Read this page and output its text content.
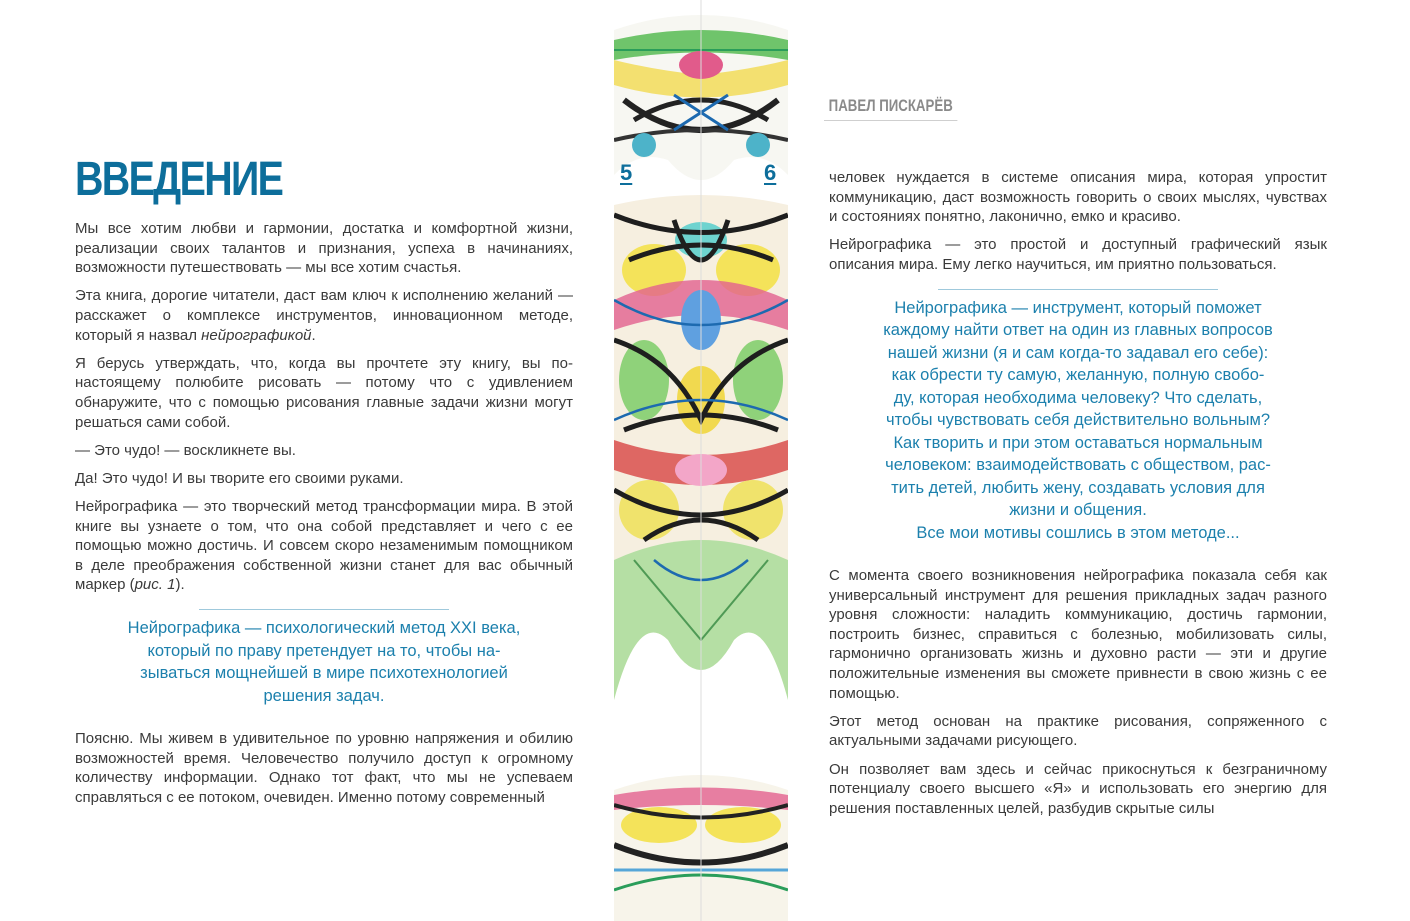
ВВЕДЕНИЕ

Мы все хотим любви и гармонии, достатка и комфортной жизни, реализации своих талантов и признания, успеха в начинаниях, возможности путешествовать — мы все хотим счастья.

Эта книга, дорогие читатели, даст вам ключ к исполнению желаний — расскажет о комплексе инструментов, инновационном методе, который я назвал нейрографикой.

Я берусь утверждать, что, когда вы прочтете эту книгу, вы по-настоящему полюбите рисовать — потому что с удивлением обнаружите, что с помощью рисования главные задачи жизни могут решаться сами собой.

— Это чудо! — воскликнете вы.

Да! Это чудо! И вы творите его своими руками.

Нейрографика — это творческий метод трансформации мира. В этой книге вы узнаете о том, что она собой представляет и чего с ее помощью можно достичь. И совсем скоро незаменимым помощником в деле преображения собственной жизни станет для вас обычный маркер (рис. 1).

Нейрографика — психологический метод XXI века,
который по праву претендует на то, чтобы на-
зываться мощнейшей в мире психотехнологией
решения задач.

Поясню. Мы живем в удивительное по уровню напряжения и обилию возможностей время. Человечество получило доступ к огромному количеству информации. Однако тот факт, что мы не успеваем справляться с ее потоком, очевиден. Именно потому современный

5	6
ПАВЕЛ ПИСКАРЁВ

человек нуждается в системе описания мира, которая упростит коммуникацию, даст возможность говорить о своих мыслях, чувствах и состояниях понятно, лаконично, емко и красиво.

Нейрографика — это простой и доступный графический язык описания мира. Ему легко научиться, им приятно пользоваться.

Нейрографика — инструмент, который поможет
каждому найти ответ на один из главных вопросов
нашей жизни (я и сам когда-то задавал его себе):
как обрести ту самую, желанную, полную свобо-
ду, которая необходима человеку? Что сделать,
чтобы чувствовать себя действительно вольным?
Как творить и при этом оставаться нормальным
человеком: взаимодействовать с обществом, рас-
тить детей, любить жену, создавать условия для
жизни и общения.
Все мои мотивы сошлись в этом методе...

С момента своего возникновения нейрографика показала себя как универсальный инструмент для решения прикладных задач разного уровня сложности: наладить коммуникацию, достичь гармонии, построить бизнес, справиться с болезнью, мобилизовать силы, гармонично организовать жизнь и духовно расти — эти и другие положительные изменения вы сможете привнести в свою жизнь с ее помощью.

Этот метод основан на практике рисования, сопряженного с актуальными задачами рисующего.

Он позволяет вам здесь и сейчас прикоснуться к безграничному потенциалу своего высшего «Я» и использовать его энергию для решения поставленных целей, разбудив скрытые силы
